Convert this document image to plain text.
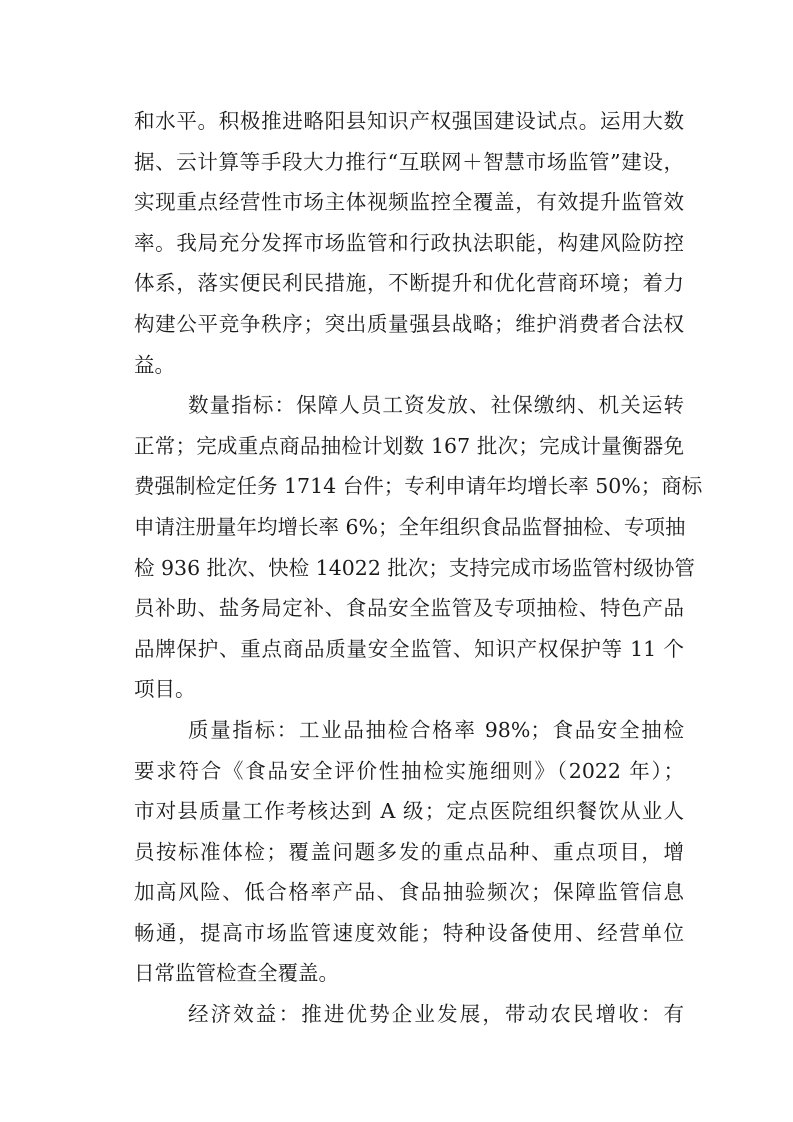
和水平。积极推进略阳县知识产权强国建设试点。运用大数
据、云计算等手段大力推行“互联网＋智慧市场监管”建设，
实现重点经营性市场主体视频监控全覆盖，有效提升监管效
率。我局充分发挥市场监管和行政执法职能，构建风险防控
体系，落实便民利民措施，不断提升和优化营商环境；着力
构建公平竞争秩序；突出质量强县战略；维护消费者合法权
益。
数量指标：保障人员工资发放、社保缴纳、机关运转
正常；完成重点商品抽检计划数 167 批次；完成计量衡器免
费强制检定任务 1714 台件；专利申请年均增长率 50%；商标
申请注册量年均增长率 6%；全年组织食品监督抽检、专项抽
检 936 批次、快检 14022 批次；支持完成市场监管村级协管
员补助、盐务局定补、食品安全监管及专项抽检、特色产品
品牌保护、重点商品质量安全监管、知识产权保护等 11 个
项目。
质量指标：工业品抽检合格率 98%；食品安全抽检
要求符合《食品安全评价性抽检实施细则》（2022 年）；
市对县质量工作考核达到 A 级；定点医院组织餐饮从业人
员按标准体检；覆盖问题多发的重点品种、重点项目，增
加高风险、低合格率产品、食品抽验频次；保障监管信息
畅通，提高市场监管速度效能；特种设备使用、经营单位
日常监管检查全覆盖。
经济效益：推进优势企业发展，带动农民增收：有
